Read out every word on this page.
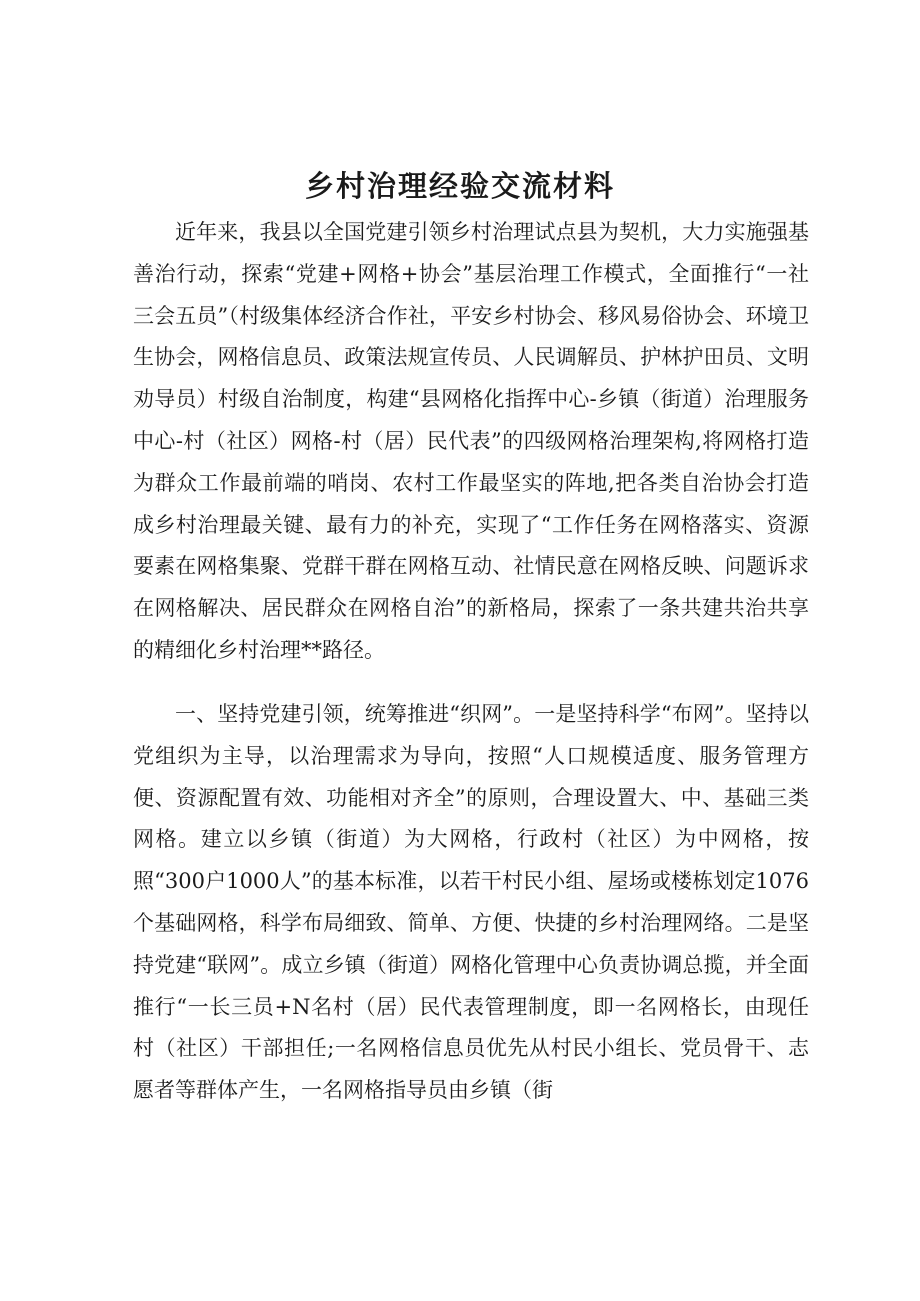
乡村治理经验交流材料

近年来，我县以全国党建引领乡村治理试点县为契机，大力实施强基善治行动，探索“党建+网格+协会”基层治理工作模式，全面推行“一社三会五员”（村级集体经济合作社，平安乡村协会、移风易俗协会、环境卫生协会，网格信息员、政策法规宣传员、人民调解员、护林护田员、文明劝导员）村级自治制度，构建“县网格化指挥中心-乡镇（街道）治理服务中心-村（社区）网格-村（居）民代表”的四级网格治理架构,将网格打造为群众工作最前端的哨岗、农村工作最坚实的阵地,把各类自治协会打造成乡村治理最关键、最有力的补充，实现了“工作任务在网格落实、资源要素在网格集聚、党群干群在网格互动、社情民意在网格反映、问题诉求在网格解决、居民群众在网格自治”的新格局，探索了一条共建共治共享的精细化乡村治理**路径。

一、坚持党建引领，统筹推进“织网”。一是坚持科学“布网”。坚持以党组织为主导，以治理需求为导向，按照“人口规模适度、服务管理方便、资源配置有效、功能相对齐全”的原则，合理设置大、中、基础三类网格。建立以乡镇（街道）为大网格，行政村（社区）为中网格，按照“300户1000人”的基本标准，以若干村民小组、屋场或楼栋划定1076个基础网格，科学布局细致、简单、方便、快捷的乡村治理网络。二是坚持党建“联网”。成立乡镇（街道）网格化管理中心负责协调总揽，并全面推行“一长三员+N名村（居）民代表管理制度，即一名网格长，由现任村（社区）干部担任;一名网格信息员优先从村民小组长、党员骨干、志愿者等群体产生，一名网格指导员由乡镇（街
